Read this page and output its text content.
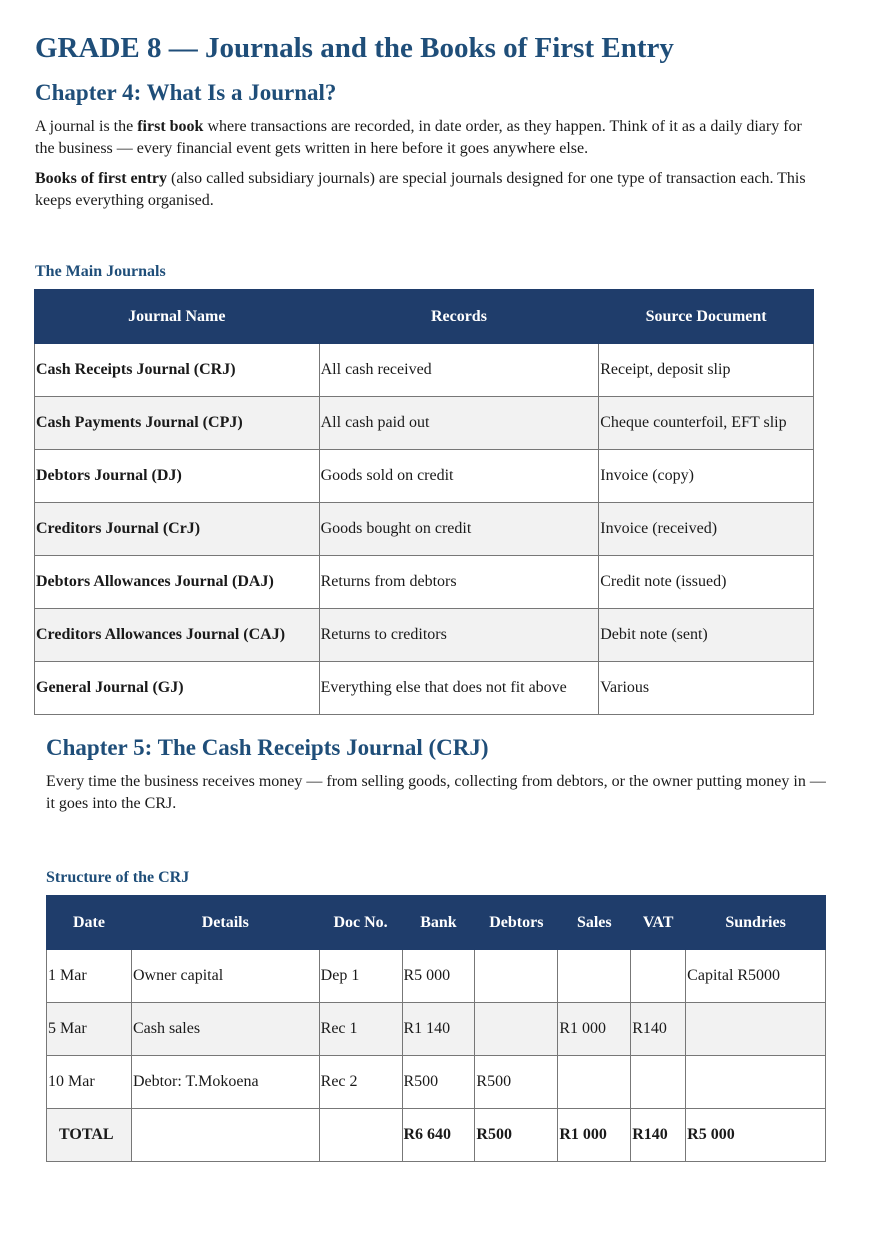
GRADE 8 — Journals and the Books of First Entry
Chapter 4: What Is a Journal?

A journal is the first book where transactions are recorded, in date order, as they happen. Think of it as a daily diary for the business — every financial event gets written in here before it goes anywhere else.

Books of first entry (also called subsidiary journals) are special journals designed for one type of transaction each. This keeps everything organised.

The Main Journals
Journal Name	Records	Source Document
Cash Receipts Journal (CRJ)	All cash received	Receipt, deposit slip
Cash Payments Journal (CPJ)	All cash paid out	Cheque counterfoil, EFT slip
Debtors Journal (DJ)	Goods sold on credit	Invoice (copy)
Creditors Journal (CrJ)	Goods bought on credit	Invoice (received)
Debtors Allowances Journal (DAJ)	Returns from debtors	Credit note (issued)
Creditors Allowances Journal (CAJ)	Returns to creditors	Debit note (sent)
General Journal (GJ)	Everything else that does not fit above	Various
Chapter 5: The Cash Receipts Journal (CRJ)

Every time the business receives money — from selling goods, collecting from debtors, or the owner putting money in — it goes into the CRJ.

Structure of the CRJ
Date	Details	Doc No.	Bank	Debtors	Sales	VAT	Sundries
1 Mar	Owner capital	Dep 1	R5 000				Capital R5000
5 Mar	Cash sales	Rec 1	R1 140		R1 000	R140	
10 Mar	Debtor: T.Mokoena	Rec 2	R500	R500			
TOTAL			R6 640	R500	R1 000	R140	R5 000
